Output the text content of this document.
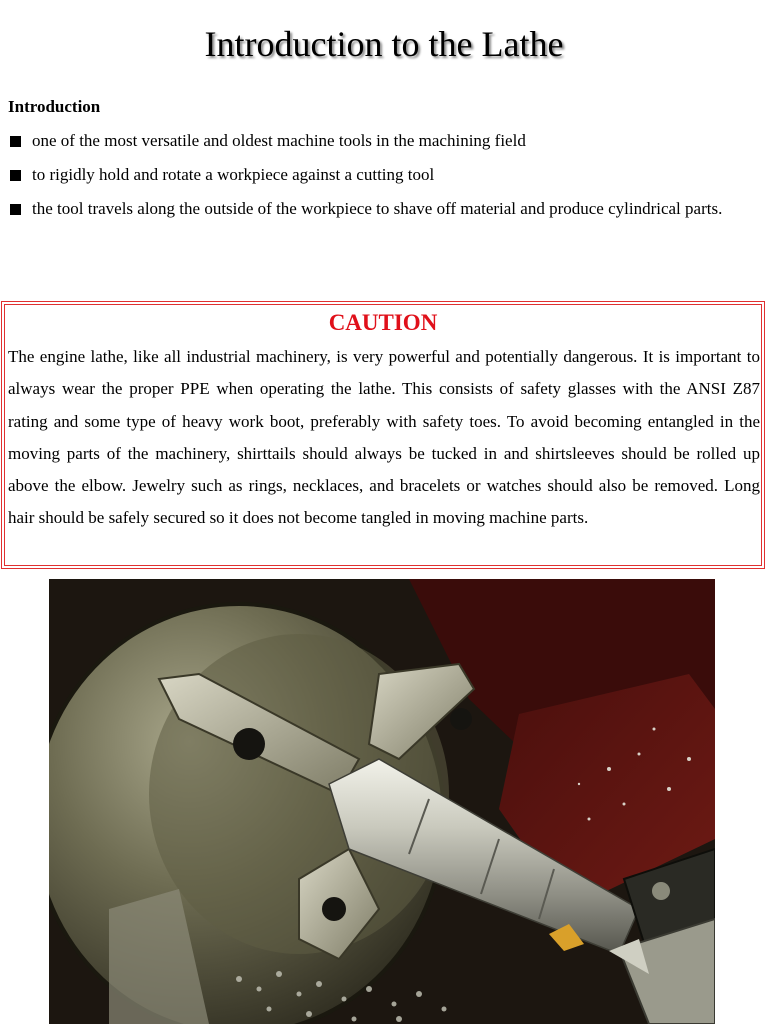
Introduction to the Lathe
Introduction
one of the most versatile and oldest machine tools in the machining field
to rigidly hold and rotate a workpiece against a cutting tool
the tool travels along the outside of the workpiece to shave off material and produce cylindrical parts.
CAUTION

The engine lathe, like all industrial machinery, is very powerful and potentially dangerous. It is important to always wear the proper PPE when operating the lathe. This consists of safety glasses with the ANSI Z87 rating and some type of heavy work boot, preferably with safety toes. To avoid becoming entangled in the moving parts of the machinery, shirttails should always be tucked in and shirtsleeves should be rolled up above the elbow. Jewelry such as rings, necklaces, and bracelets or watches should also be removed. Long hair should be safely secured so it does not become tangled in moving machine parts.
